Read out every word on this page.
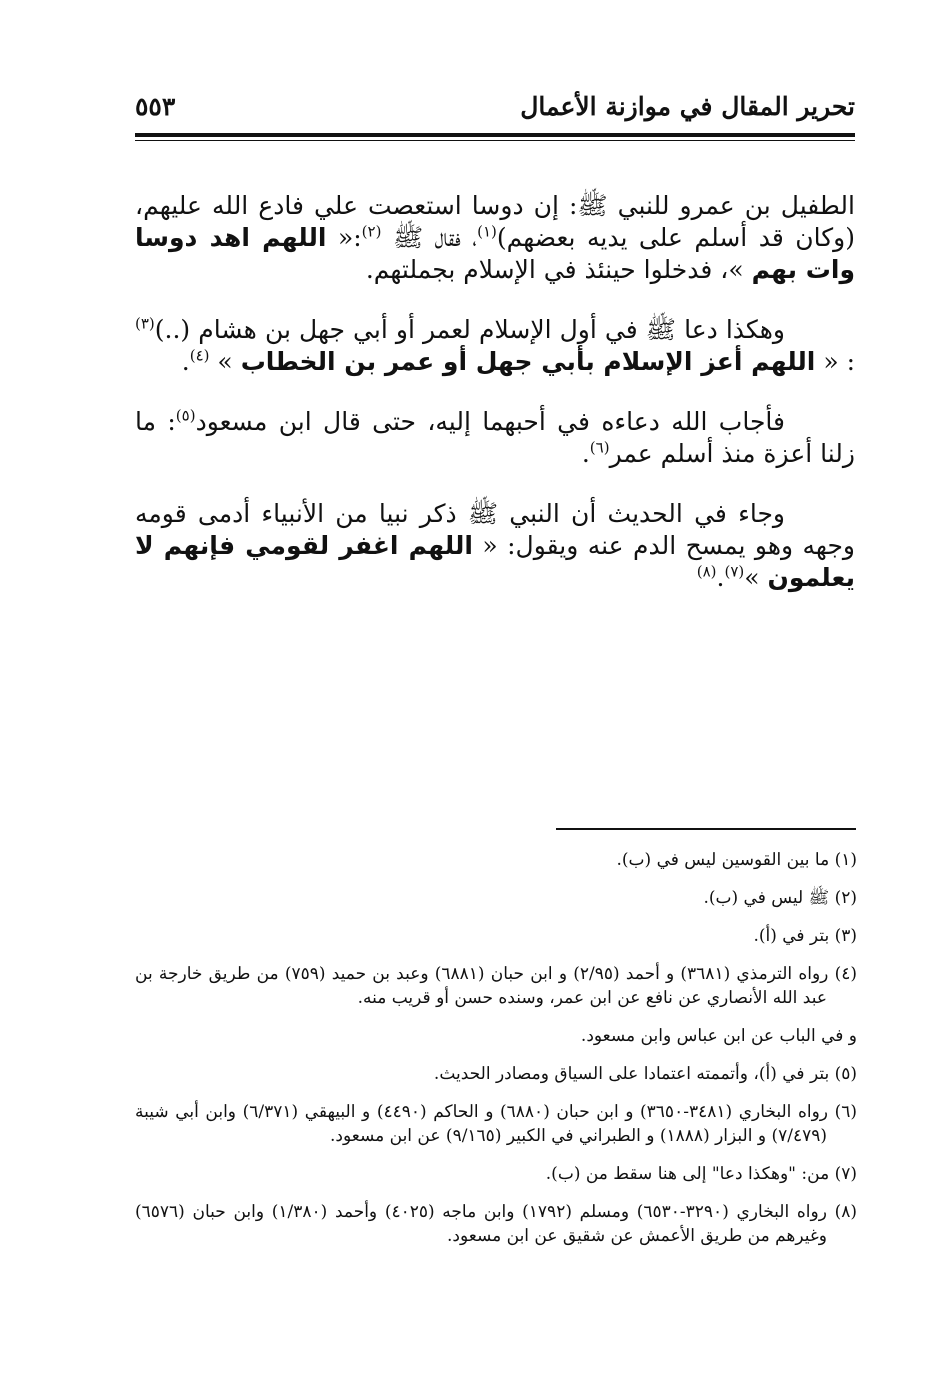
تحرير المقال في موازنة الأعمال
٥٥٣

الطفيل بن عمرو للنبي ﷺ: إن دوسا استعصت علي فادع الله عليهم، (وكان قد أسلم على يديه بعضهم)$^{(١)}$، فقال ﷺ $^{(٢)}$:« اللهم اهد دوسا وات بهم »، فدخلوا حينئذ في الإسلام بجملتهم.

وهكذا دعا ﷺ في أول الإسلام لعمر أو أبي جهل بن هشام (..)$^{(٣)}$ : « اللهم أعز الإسلام بأبي جهل أو عمر بن الخطاب » $^{(٤)}$.

فأجاب الله دعاءه في أحبهما إليه، حتى قال ابن مسعود$^{(٥)}$: ما زلنا أعزة منذ أسلم عمر$^{(٦)}$.

وجاء في الحديث أن النبي ﷺ ذكر نبيا من الأنبياء أدمى قومه وجهه وهو يمسح الدم عنه ويقول: « اللهم اغفر لقومي فإنهم لا يعلمون »$^{(٧)}$.$^{(٨)}$

(١) ما بين القوسين ليس في (ب).
(٢) ﷺ ليس في (ب).
(٣) بتر في (أ).
(٤) رواه الترمذي (٣٦٨١) و أحمد (٢/٩٥) و ابن حبان (٦٨٨١) وعبد بن حميد (٧٥٩) من طريق خارجة بن عبد الله الأنصاري عن نافع عن ابن عمر، وسنده حسن أو قريب منه.
و في الباب عن ابن عباس وابن مسعود.
(٥) بتر في (أ)، وأتممته اعتمادا على السياق ومصادر الحديث.
(٦) رواه البخاري (٣٤٨١-٣٦٥٠) و ابن حبان (٦٨٨٠) و الحاكم (٤٤٩٠) و البيهقي (٦/٣٧١) وابن أبي شيبة (٧/٤٧٩) و البزار (١٨٨٨) و الطبراني في الكبير (٩/١٦٥) عن ابن مسعود.
(٧) من: "وهكذا دعا" إلى هنا سقط من (ب).
(٨) رواه البخاري (٣٢٩٠-٦٥٣٠) ومسلم (١٧٩٢) وابن ماجه (٤٠٢٥) وأحمد (١/٣٨٠) وابن حبان (٦٥٧٦) وغيرهم من طريق الأعمش عن شقيق عن ابن مسعود.
